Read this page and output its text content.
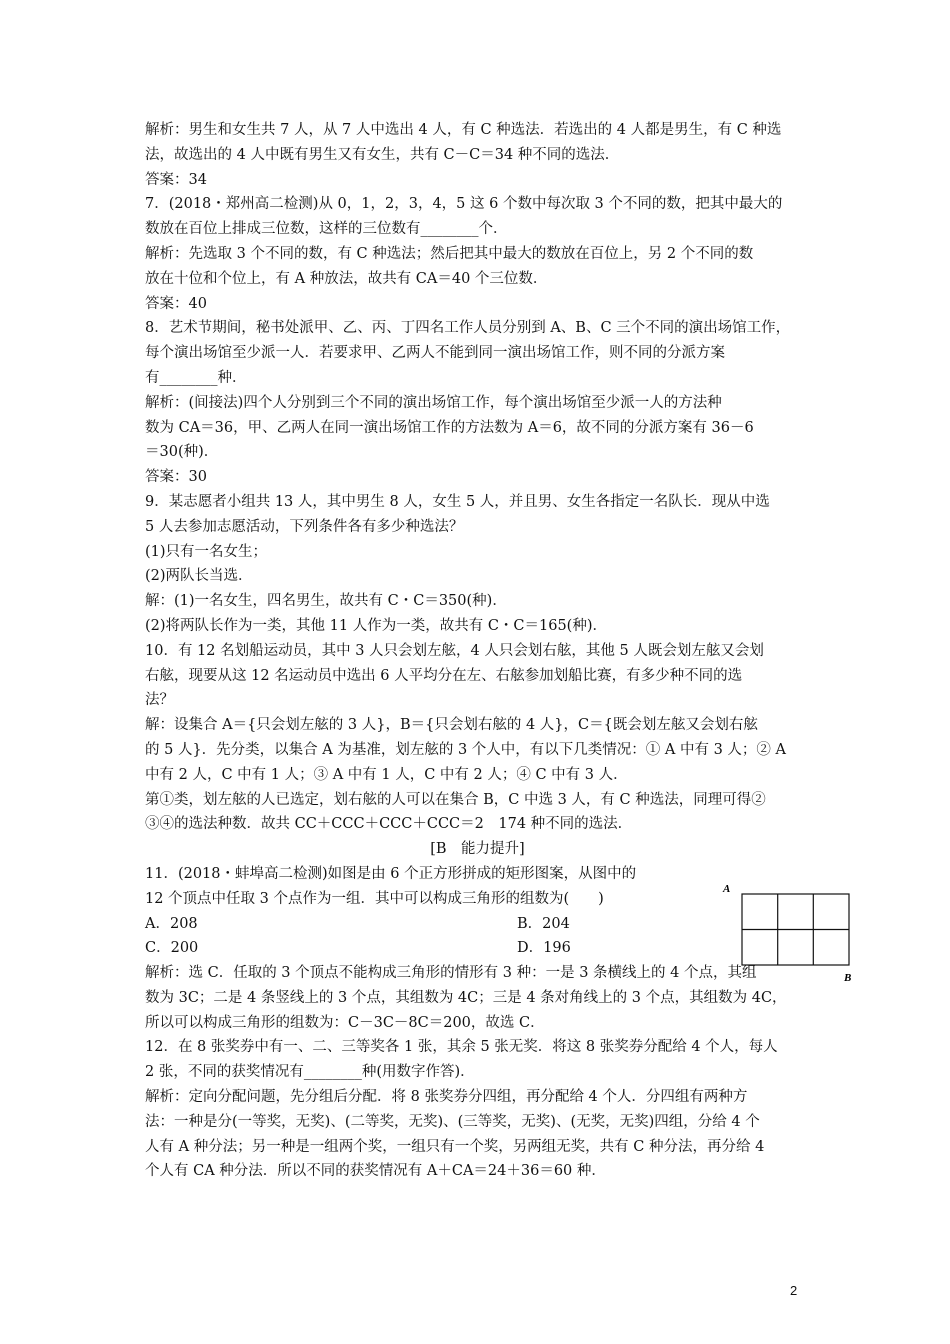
解析：男生和女生共 7 人，从 7 人中选出 4 人，有 C 种选法．若选出的 4 人都是男生，有 C 种选
法，故选出的 4 人中既有男生又有女生，共有 C－C＝34 种不同的选法．
答案：34
7．(2018・郑州高二检测)从 0，1，2，3，4，5 这 6 个数中每次取 3 个不同的数，把其中最大的
数放在百位上排成三位数，这样的三位数有________个．
解析：先选取 3 个不同的数，有 C 种选法；然后把其中最大的数放在百位上，另 2 个不同的数
放在十位和个位上，有 A 种放法，故共有 CA＝40 个三位数．
答案：40
8．艺术节期间，秘书处派甲、乙、丙、丁四名工作人员分别到 A、B、C 三个不同的演出场馆工作，
每个演出场馆至少派一人．若要求甲、乙两人不能到同一演出场馆工作，则不同的分派方案
有________种．
解析：(间接法)四个人分别到三个不同的演出场馆工作，每个演出场馆至少派一人的方法种
数为 CA＝36，甲、乙两人在同一演出场馆工作的方法数为 A＝6，故不同的分派方案有 36－6
＝30(种)．
答案：30
9．某志愿者小组共 13 人，其中男生 8 人，女生 5 人，并且男、女生各指定一名队长．现从中选
5 人去参加志愿活动，下列条件各有多少种选法？
(1)只有一名女生；
(2)两队长当选．
解：(1)一名女生，四名男生，故共有 C・C＝350(种)．
(2)将两队长作为一类，其他 11 人作为一类，故共有 C・C＝165(种)．
10．有 12 名划船运动员，其中 3 人只会划左舷，4 人只会划右舷，其他 5 人既会划左舷又会划
右舷，现要从这 12 名运动员中选出 6 人平均分在左、右舷参加划船比赛，有多少种不同的选
法？
解：设集合 A＝{只会划左舷的 3 人}，B＝{只会划右舷的 4 人}，C＝{既会划左舷又会划右舷
的 5 人}．先分类，以集合 A 为基准，划左舷的 3 个人中，有以下几类情况：① A 中有 3 人；② A
中有 2 人，C 中有 1 人；③ A 中有 1 人，C 中有 2 人；④ C 中有 3 人．
第①类，划左舷的人已选定，划右舷的人可以在集合 B，C 中选 3 人，有 C 种选法，同理可得②
③④的选法种数．故共 CC＋CCC＋CCC＋CCC＝2　174 种不同的选法．
[B　能力提升]
11．(2018・蚌埠高二检测)如图是由 6 个正方形拼成的矩形图案，从图中的
12 个顶点中任取 3 个点作为一组．其中可以构成三角形的组数为(　　)
A．208	B．204
C．200	D．196
解析：选 C．任取的 3 个顶点不能构成三角形的情形有 3 种：一是 3 条横线上的 4 个点，其组
数为 3C；二是 4 条竖线上的 3 个点，其组数为 4C；三是 4 条对角线上的 3 个点，其组数为 4C，
所以可以构成三角形的组数为：C－3C－8C＝200，故选 C．
12．在 8 张奖券中有一、二、三等奖各 1 张，其余 5 张无奖．将这 8 张奖券分配给 4 个人，每人
2 张，不同的获奖情况有________种(用数字作答)．
解析：定向分配问题，先分组后分配．将 8 张奖券分四组，再分配给 4 个人．分四组有两种方
法：一种是分(一等奖，无奖)、(二等奖，无奖)、(三等奖，无奖)、(无奖，无奖)四组，分给 4 个
人有 A 种分法；另一种是一组两个奖，一组只有一个奖，另两组无奖，共有 C 种分法，再分给 4
个人有 CA 种分法．所以不同的获奖情况有 A＋CA＝24＋36＝60 种．
A
B
2
